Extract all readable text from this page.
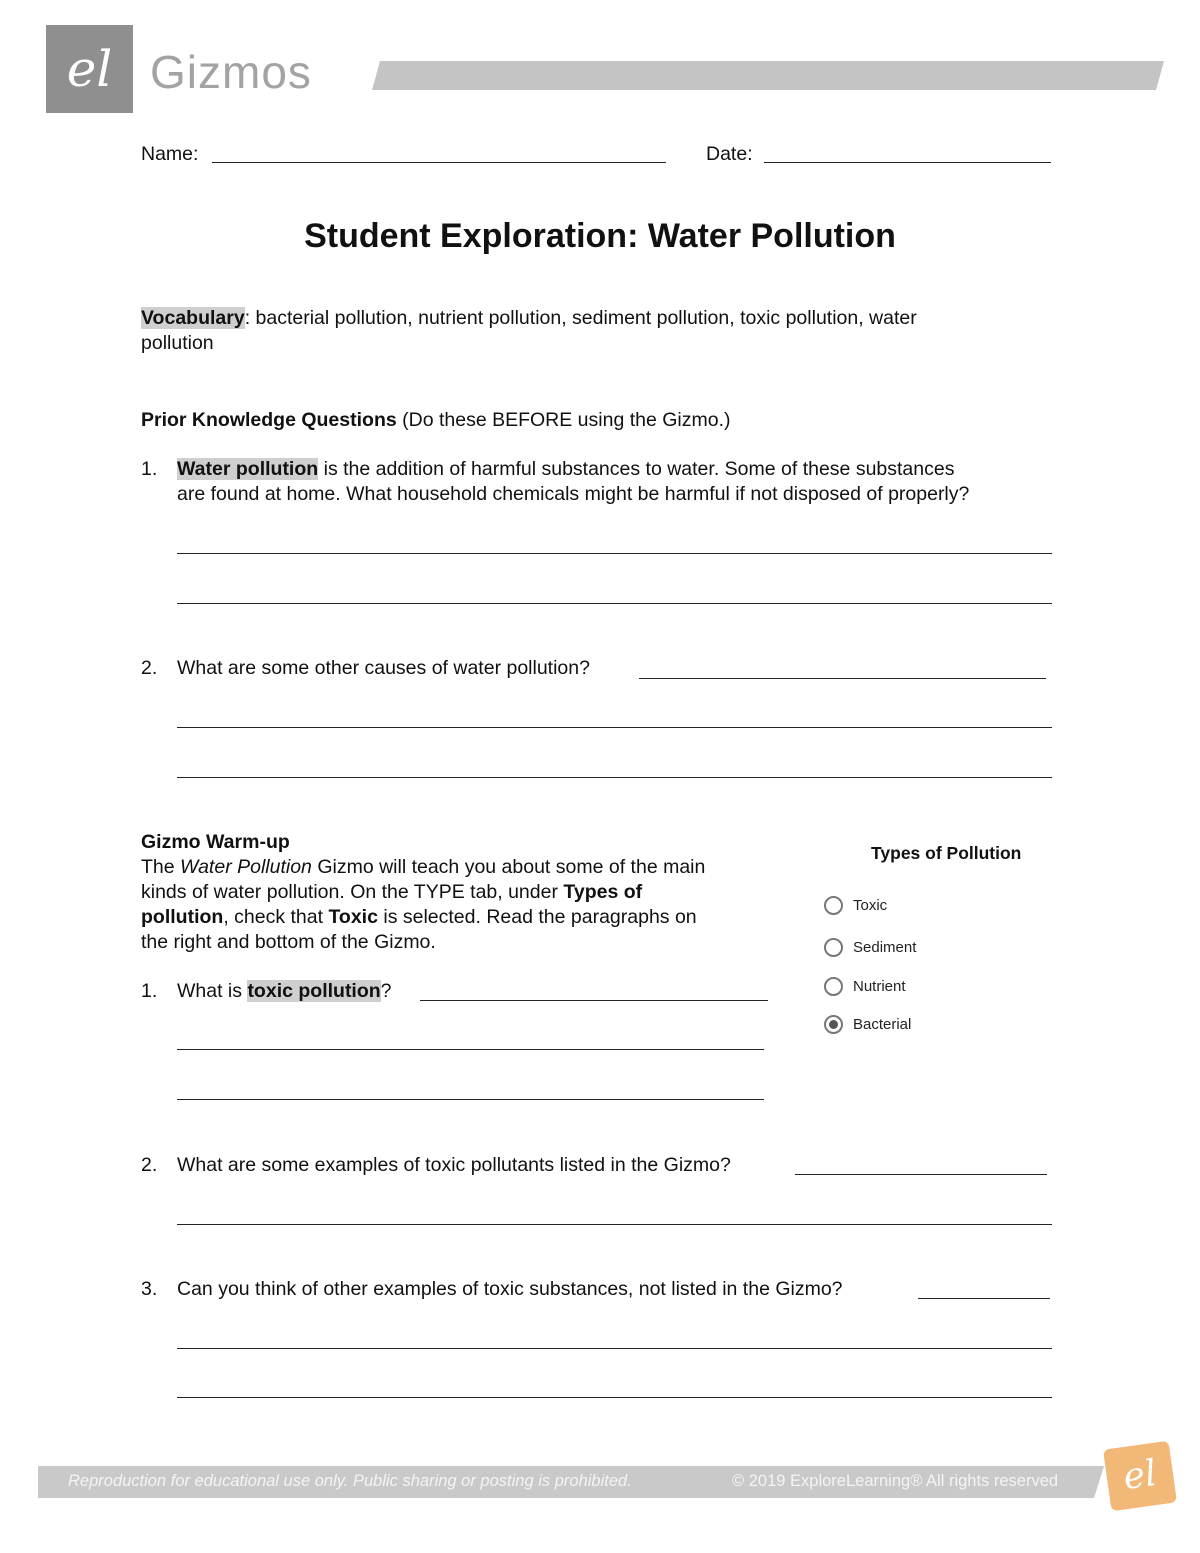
el Gizmos
Name:	Date:
Student Exploration: Water Pollution
Vocabulary: bacterial pollution, nutrient pollution, sediment pollution, toxic pollution, water
pollution
Prior Knowledge Questions (Do these BEFORE using the Gizmo.)
1.	Water pollution is the addition of harmful substances to water. Some of these substances
are found at home. What household chemicals might be harmful if not disposed of properly?
2.	What are some other causes of water pollution?
Gizmo Warm-up
The Water Pollution Gizmo will teach you about some of the main
kinds of water pollution. On the TYPE tab, under Types of
pollution, check that Toxic is selected. Read the paragraphs on
the right and bottom of the Gizmo.
1.	What is toxic pollution?
Types of Pollution
Toxic
Sediment
Nutrient
Bacterial
2.	What are some examples of toxic pollutants listed in the Gizmo?
3.	Can you think of other examples of toxic substances, not listed in the Gizmo?
Reproduction for educational use only. Public sharing or posting is prohibited.	© 2019 ExploreLearning® All rights reserved	el
